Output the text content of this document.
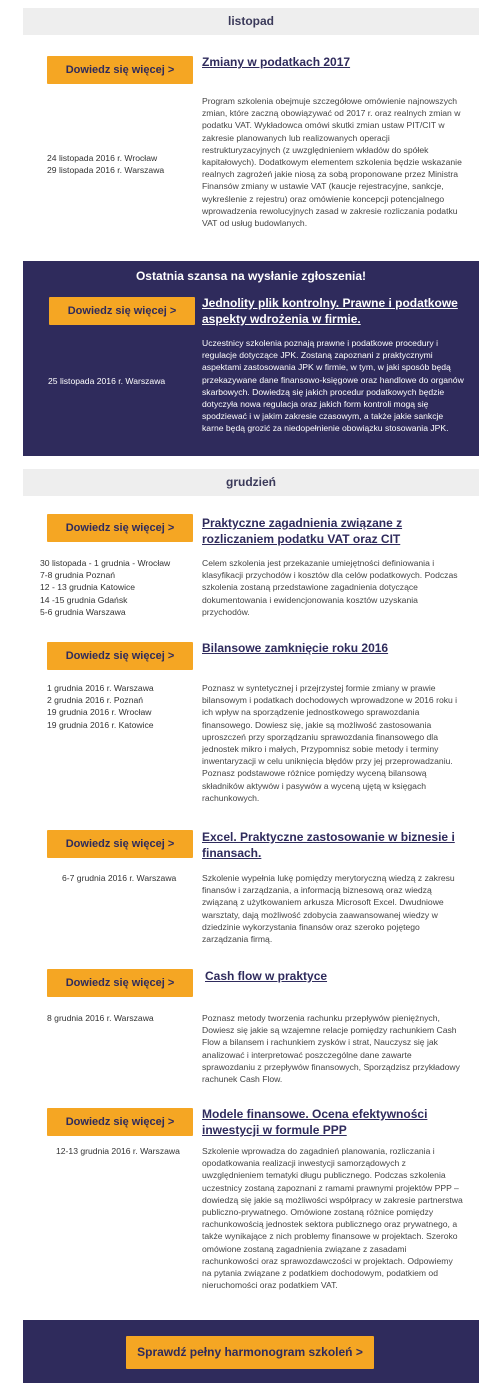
listopad
Dowiedz się więcej >
Zmiany w podatkach 2017
24 listopada 2016 r. Wrocław
29 listopada 2016 r. Warszawa
Program szkolenia obejmuje szczegółowe omówienie najnowszych zmian, które zaczną obowiązywać od 2017 r. oraz realnych zmian w podatku VAT. Wykładowca omówi skutki zmian ustaw PIT/CIT w zakresie planowanych lub realizowanych operacji restrukturyzacyjnych (z uwzględnieniem wkładów do spółek kapitałowych). Dodatkowym elementem szkolenia będzie wskazanie realnych zagrożeń jakie niosą za sobą proponowane przez Ministra Finansów zmiany w ustawie VAT (kaucje rejestracyjne, sankcje, wykreślenie z rejestru) oraz omówienie koncepcji potencjalnego wprowadzenia rewolucyjnych zasad w zakresie rozliczania podatku VAT od usług budowlanych.
Ostatnia szansa na wysłanie zgłoszenia!
Dowiedz się więcej >
Jednolity plik kontrolny. Prawne i podatkowe aspekty wdrożenia w firmie.
25 listopada 2016 r. Warszawa
Uczestnicy szkolenia poznają prawne i podatkowe procedury i regulacje dotyczące JPK. Zostaną zapoznani z praktycznymi aspektami zastosowania JPK w firmie, w tym, w jaki sposób będą przekazywane dane finansowo-księgowe oraz handlowe do organów skarbowych. Dowiedzą się jakich procedur podatkowych będzie dotyczyła nowa regulacja oraz jakich form kontroli mogą się spodziewać i w jakim zakresie czasowym, a także jakie sankcje karne będą grozić za niedopełnienie obowiązku stosowania JPK.
grudzień
Dowiedz się więcej >	Praktyczne zagadnienia związane z rozliczaniem podatku VAT oraz CIT
30 listopada - 1 grudnia - Wrocław
7-8 grudnia Poznań
12 - 13 grudnia Katowice
14 -15 grudnia Gdańsk
5-6 grudnia Warszawa
Celem szkolenia jest przekazanie umiejętności definiowania i klasyfikacji przychodów i kosztów dla celów podatkowych. Podczas szkolenia zostaną przedstawione zagadnienia dotyczące dokumentowania i ewidencjonowania kosztów uzyskania przychodów.
Dowiedz się więcej >
Bilansowe zamknięcie roku 2016
1 grudnia 2016 r. Warszawa
2 grudnia 2016 r. Poznań
19 grudnia 2016 r. Wrocław
19 grudnia 2016 r. Katowice
Poznasz w syntetycznej i przejrzystej formie zmiany w prawie bilansowym i podatkach dochodowych wprowadzone w 2016 roku i ich wpływ na sporządzenie jednostkowego sprawozdania finansowego. Dowiesz się, jakie są możliwość zastosowania uproszczeń przy sporządzaniu sprawozdania finansowego dla jednostek mikro i małych, Przypomnisz sobie metody i terminy inwentaryzacji w celu uniknięcia błędów przy jej przeprowadzaniu. Poznasz podstawowe różnice pomiędzy wyceną bilansową składników aktywów i pasywów a wyceną ujętą w księgach rachunkowych.
Dowiedz się więcej >	Excel. Praktyczne zastosowanie w biznesie i finansach.
6-7 grudnia 2016 r. Warszawa	Szkolenie wypełnia lukę pomiędzy merytoryczną wiedzą z zakresu finansów i zarządzania, a informacją biznesową oraz wiedzą związaną z użytkowaniem arkusza Microsoft Excel. Dwudniowe warsztaty, dają możliwość zdobycia zaawansowanej wiedzy w dziedzinie wykorzystania finansów oraz szeroko pojętego zarządzania firmą.
Dowiedz się więcej >	Cash flow w praktyce
8 grudnia 2016 r. Warszawa	Poznasz metody tworzenia rachunku przepływów pieniężnych, Dowiesz się jakie są wzajemne relacje pomiędzy rachunkiem Cash Flow a bilansem i rachunkiem zysków i strat, Nauczysz się jak analizować i interpretować poszczególne dane zawarte sprawozdaniu z przepływów finansowych, Sporządzisz przykładowy rachunek Cash Flow.
Dowiedz się więcej >
Modele finansowe. Ocena efektywności inwestycji w formule PPP
12-13 grudnia 2016 r. Warszawa	Szkolenie wprowadza do zagadnień planowania, rozliczania i opodatkowania realizacji inwestycji samorządowych z uwzględnieniem tematyki długu publicznego. Podczas szkolenia uczestnicy zostaną zapoznani z ramami prawnymi projektów PPP – dowiedzą się jakie są możliwości współpracy w zakresie partnerstwa publiczno-prywatnego. Omówione zostaną różnice pomiędzy rachunkowością jednostek sektora publicznego oraz prywatnego, a także wynikające z nich problemy finansowe w projektach. Szeroko omówione zostaną zagadnienia związane z zasadami rachunkowości oraz sprawozdawczości w projektach. Odpowiemy na pytania związane z podatkiem dochodowym, podatkiem od nieruchomości oraz podatkiem VAT.
Sprawdź pełny harmonogram szkoleń >
